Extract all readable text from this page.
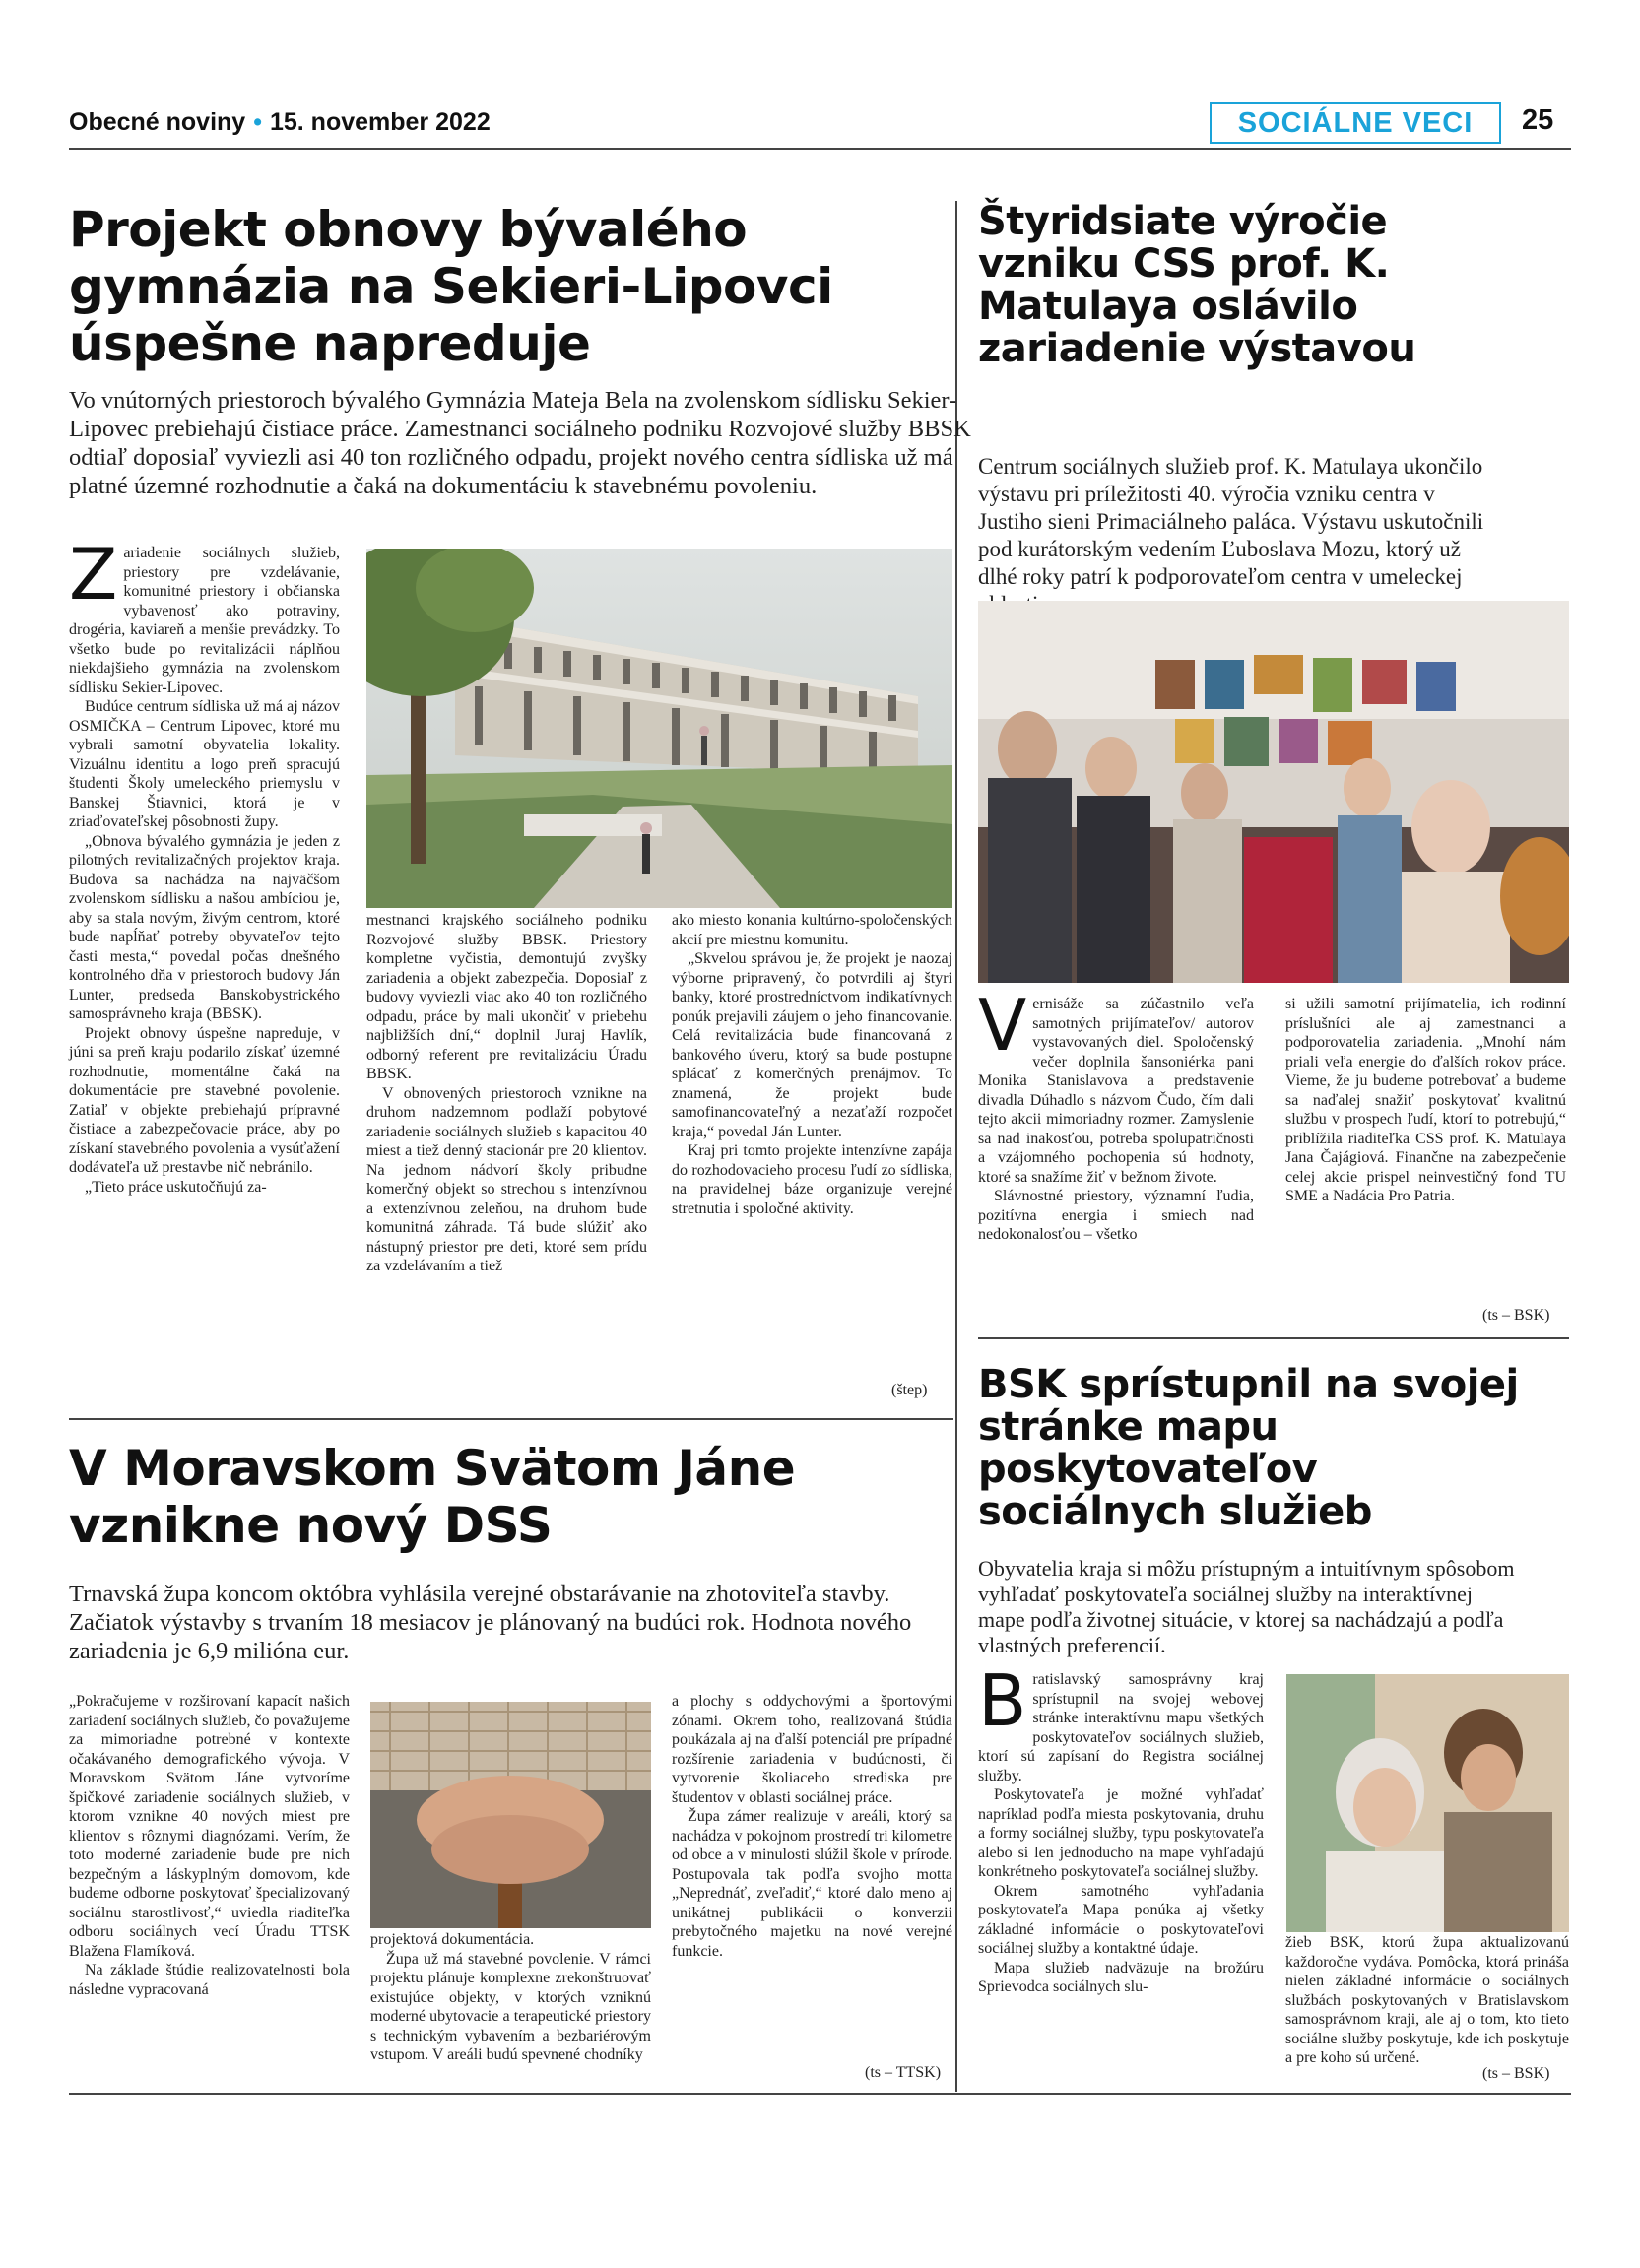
Obecné noviny • 15. november 2022	SOCIÁLNE VECI	25
Projekt obnovy bývalého gymnázia na Sekieri-Lipovci úspešne napreduje
Vo vnútorných priestoroch bývalého Gymnázia Mateja Bela na zvolenskom sídlisku Sekier-Lipovec prebiehajú čistiace práce. Zamestnanci sociálneho podniku Rozvojové služby BBSK odtiaľ doposiaľ vyviezli asi 40 ton rozličného odpadu, projekt nového centra sídliska už má platné územné rozhodnutie a čaká na dokumentáciu k stavebnému povoleniu.

Zariadenie sociálnych služieb, priestory pre vzdelávanie, komunitné priestory i občianska vybavenosť ako potraviny, drogéria, kaviareň a menšie prevádzky. To všetko bude po revitalizácii náplňou niekdajšieho gymnázia na zvolenskom sídlisku Sekier-Lipovec.

Budúce centrum sídliska už má aj názov OSMIČKA – Centrum Lipovec, ktoré mu vybrali samotní obyvatelia lokality. Vizuálnu identitu a logo preň spracujú študenti Školy umeleckého priemyslu v Banskej Štiavnici, ktorá je v zriaďovateľskej pôsobnosti župy.

„Obnova bývalého gymnázia je jeden z pilotných revitalizačných projektov kraja. Budova sa nachádza na najväčšom zvolenskom sídlisku a našou ambíciou je, aby sa stala novým, živým centrom, ktoré bude napĺňať potreby obyvateľov tejto časti mesta,“ povedal počas dnešného kontrolného dňa v priestoroch budovy Ján Lunter, predseda Banskobystrického samosprávneho kraja (BBSK).

Projekt obnovy úspešne napreduje, v júni sa preň kraju podarilo získať územné rozhodnutie, momentálne čaká na dokumentácie pre stavebné povolenie. Zatiaľ v objekte prebiehajú prípravné čistiace a zabezpečovacie práce, aby po získaní stavebného povolenia a vysúťažení dodávateľa už prestavbe nič nebránilo.

„Tieto práce uskutočňujú za-

mestnanci krajského sociálneho podniku Rozvojové služby BBSK. Priestory kompletne vyčistia, demontujú zvyšky zariadenia a objekt zabezpečia. Doposiaľ z budovy vyviezli viac ako 40 ton rozličného odpadu, práce by mali ukončiť v priebehu najbližších dní,“ doplnil Juraj Havlík, odborný referent pre revitalizáciu Úradu BBSK.

V obnovených priestoroch vznikne na druhom nadzemnom podlaží pobytové zariadenie sociálnych služieb s kapacitou 40 miest a tiež denný stacionár pre 20 klientov. Na jednom nádvorí školy pribudne komerčný objekt so strechou s intenzívnou a extenzívnou zeleňou, na druhom bude komunitná záhrada. Tá bude slúžiť ako nástupný priestor pre deti, ktoré sem prídu za vzdelávaním a tiež

ako miesto konania kultúrno-spoločenských akcií pre miestnu komunitu.

„Skvelou správou je, že projekt je naozaj výborne pripravený, čo potvrdili aj štyri banky, ktoré prostredníctvom indikatívnych ponúk prejavili záujem o jeho financovanie. Celá revitalizácia bude financovaná z bankového úveru, ktorý sa bude postupne splácať z komerčných prenájmov. To znamená, že projekt bude samofinancovateľný a nezaťaží rozpočet kraja,“ povedal Ján Lunter.

Kraj pri tomto projekte intenzívne zapája do rozhodovacieho procesu ľudí zo sídliska, na pravidelnej báze organizuje verejné stretnutia i spoločné aktivity.

(štep)
Štyridsiate výročie vzniku CSS prof. K. Matulaya oslávilo zariadenie výstavou
Centrum sociálnych služieb prof. K. Matulaya ukončilo výstavu pri príležitosti 40. výročia vzniku centra v Justiho sieni Primaciálneho paláca. Výstavu uskutočnili pod kurátorským vedením Ľuboslava Mozu, ktorý už dlhé roky patrí k podporovateľom centra v umeleckej

Vernisáže sa zúčastnilo veľa samotných prijímateľov/ autorov vystavovaných diel. Spoločenský večer doplnila šansoniérka pani Monika Stanislavova a predstavenie divadla Dúhadlo s názvom Čudo, čím dali tejto akcii mimoriadny rozmer. Zamyslenie sa nad inakosťou, potreba spolupatričnosti a vzájomného pochopenia sú hodnoty, ktoré sa snažíme žiť v bežnom živote.

Slávnostné priestory, významní ľudia, pozitívna energia i smiech nad nedokonalosťou – všetko

si užili samotní prijímatelia, ich rodinní príslušníci ale aj zamestnanci a podporovatelia zariadenia. „Mnohí nám priali veľa energie do ďalších rokov práce. Vieme, že ju budeme potrebovať a budeme sa naďalej snažiť poskytovať kvalitnú službu v prospech ľudí, ktorí to potrebujú,“ priblížila riaditeľka CSS prof. K. Matulaya Jana Čajágiová. Finančne na zabezpečenie celej akcie prispel neinvestičný fond TU SME a Nadácia Pro Patria.

(ts – BSK)
V Moravskom Svätom Jáne vznikne nový DSS
Trnavská župa koncom októbra vyhlásila verejné obstarávanie na zhotoviteľa stavby. Začiatok výstavby s trvaním 18 mesiacov je plánovaný na budúci rok. Hodnota nového zariadenia je 6,9 milióna eur.

„Pokračujeme v rozširovaní kapacít našich zariadení sociálnych služieb, čo považujeme za mimoriadne potrebné v kontexte očakávaného demografického vývoja. V Moravskom Svätom Jáne vytvoríme špičkové zariadenie sociálnych služieb, v ktorom vznikne 40 nových miest pre klientov s rôznymi diagnózami. Verím, že toto moderné zariadenie bude pre nich bezpečným a láskyplným domovom, kde budeme odborne poskytovať špecializovaný sociálnu starostlivosť,“ uviedla riaditeľka odboru sociálnych vecí Úradu TTSK Blažena Flamíková.

Na základe štúdie realizovatelnosti bola následne vypracovaná

projektová dokumentácia.

Župa už má stavebné povolenie. V rámci projektu plánuje komplexne zrekonštruovať existujúce objekty, v ktorých vzniknú moderné ubytovacie a terapeutické priestory s technickým vybavením a bezbariérovým vstupom. V areáli budú spevnené chodníky

a plochy s oddychovými a športovými zónami. Okrem toho, realizovaná štúdia poukázala aj na ďalší potenciál pre prípadné rozšírenie zariadenia v budúcnosti, či vytvorenie školiaceho strediska pre študentov v oblasti sociálnej práce.

Župa zámer realizuje v areáli, ktorý sa nachádza v pokojnom prostredí tri kilometre od obce a v minulosti slúžil škole v prírode. Postupovala tak podľa svojho motta „Neprednáť, zveľadiť,“ ktoré dalo meno aj unikátnej publikácii o konverzii prebytočného majetku na nové verejné funkcie.

(ts – TTSK)
BSK sprístupnil na svojej stránke mapu poskytovateľov sociálnych služieb
Obyvatelia kraja si môžu prístupným a intuitívnym spôsobom vyhľadať poskytovateľa sociálnej služby na interaktívnej mape podľa životnej situácie, v ktorej sa nachádzajú a podľa vlastných preferencií.

Bratislavský samosprávny kraj sprístupnil na svojej webovej stránke interaktívnu mapu všetkých poskytovateľov sociálnych služieb, ktorí sú zapísaní do Registra sociálnej služby.

Poskytovateľa je možné vyhľadať napríklad podľa miesta poskytovania, druhu a formy sociálnej služby, typu poskytovateľa alebo si len jednoducho na mape vyhľadajú konkrétneho poskytovateľa sociálnej služby.

Okrem samotného vyhľadania poskytovateľa Mapa ponúka aj všetky základné informácie o poskytovateľovi sociálnej služby a kontaktné údaje.

Mapa služieb nadväzuje na brožúru Sprievodca sociálnych slu-

žieb BSK, ktorú župa aktualizovanú každoročne vydáva. Pomôcka, ktorá prináša nielen základné informácie o sociálnych službách poskytovaných v Bratislavskom samosprávnom kraji, ale aj o tom, kto tieto sociálne služby poskytuje, kde ich poskytuje a pre koho sú určené.

(ts – BSK)
